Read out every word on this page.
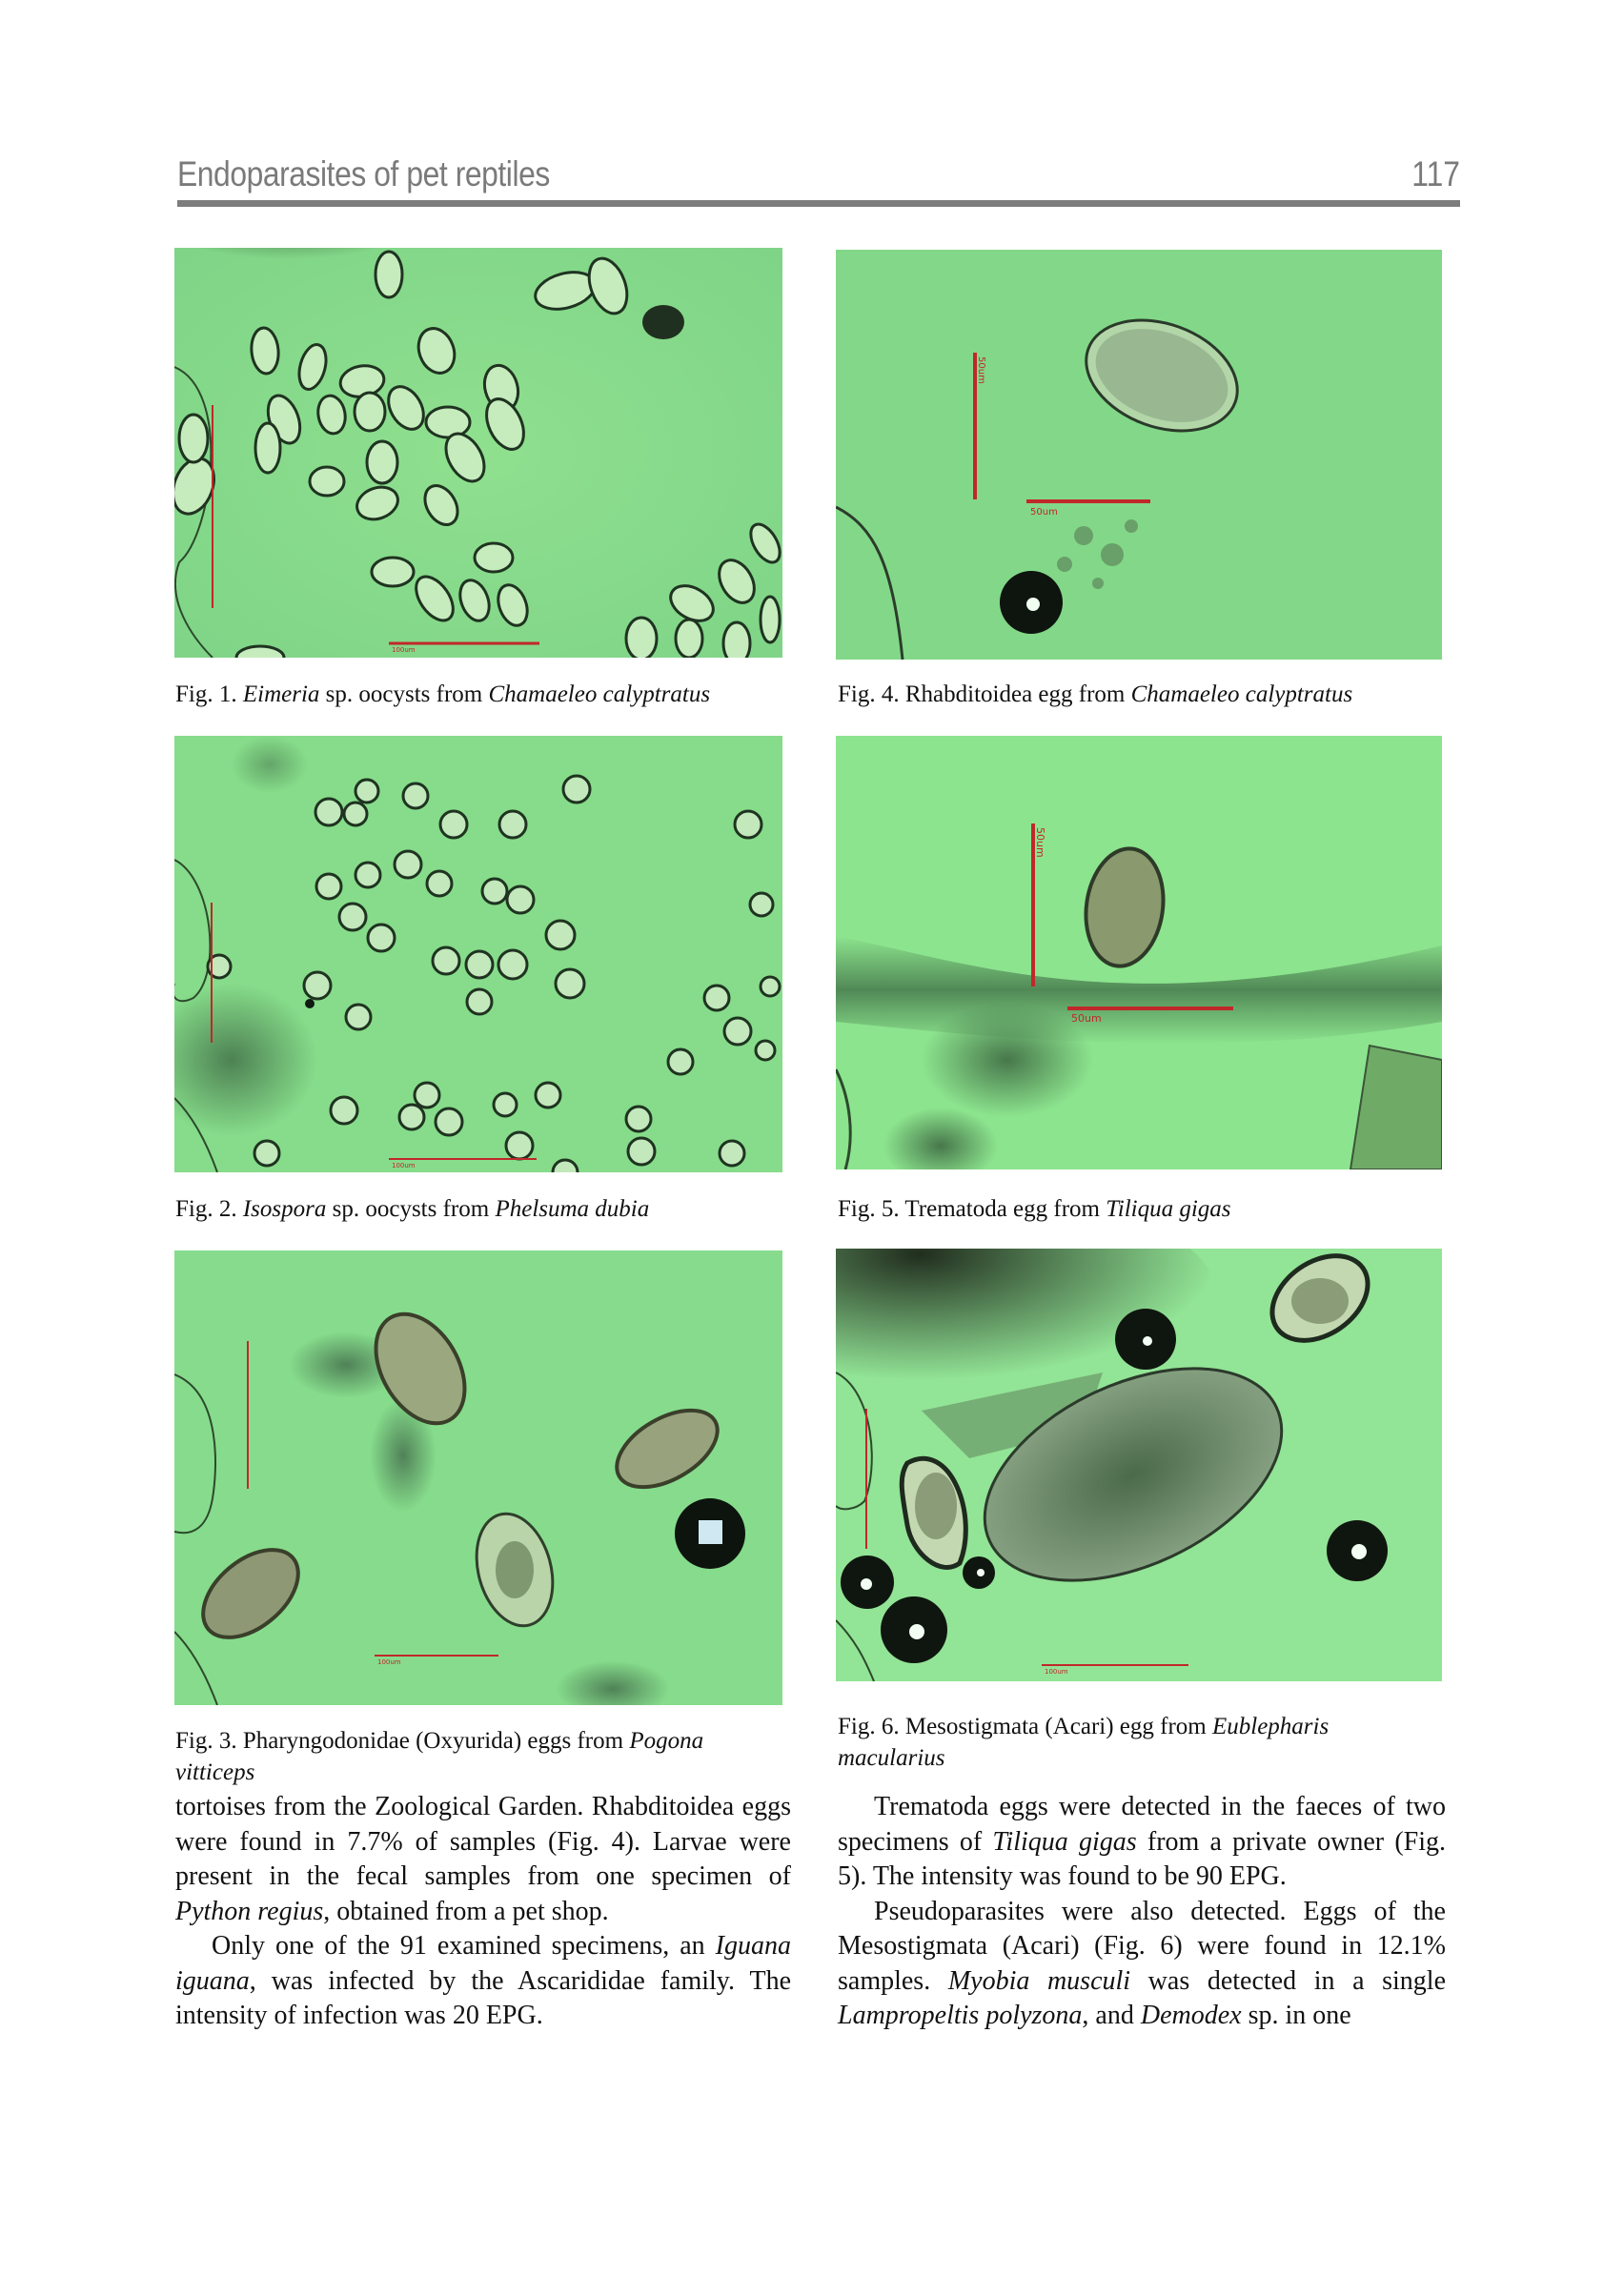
Endoparasites of pet reptiles	117
100um
Fig. 1. Eimeria sp. oocysts from Chamaeleo calyptratus
50um
50um
Fig. 4. Rhabditoidea egg from Chamaeleo calyptratus
100um
Fig. 2. Isospora sp. oocysts from Phelsuma dubia
50um
50um
Fig. 5. Trematoda egg from Tiliqua gigas
100um
Fig. 3. Pharyngodonidae (Oxyurida) eggs from Pogona vitticeps
100um
Fig. 6. Mesostigmata (Acari) egg from Eublepharis macularius

tortoises from the Zoological Garden. Rhabditoidea eggs were found in 7.7% of samples (Fig. 4). Larvae were present in the fecal samples from one specimen of Python regius, obtained from a pet shop.

Only one of the 91 examined specimens, an Iguana iguana, was infected by the Ascarididae family. The intensity of infection was 20 EPG.

Trematoda eggs were detected in the faeces of two specimens of Tiliqua gigas from a private owner (Fig. 5). The intensity was found to be 90 EPG.

Pseudoparasites were also detected. Eggs of the Mesostigmata (Acari) (Fig. 6) were found in 12.1% samples. Myobia musculi was detected in a single Lampropeltis polyzona, and Demodex sp. in one
